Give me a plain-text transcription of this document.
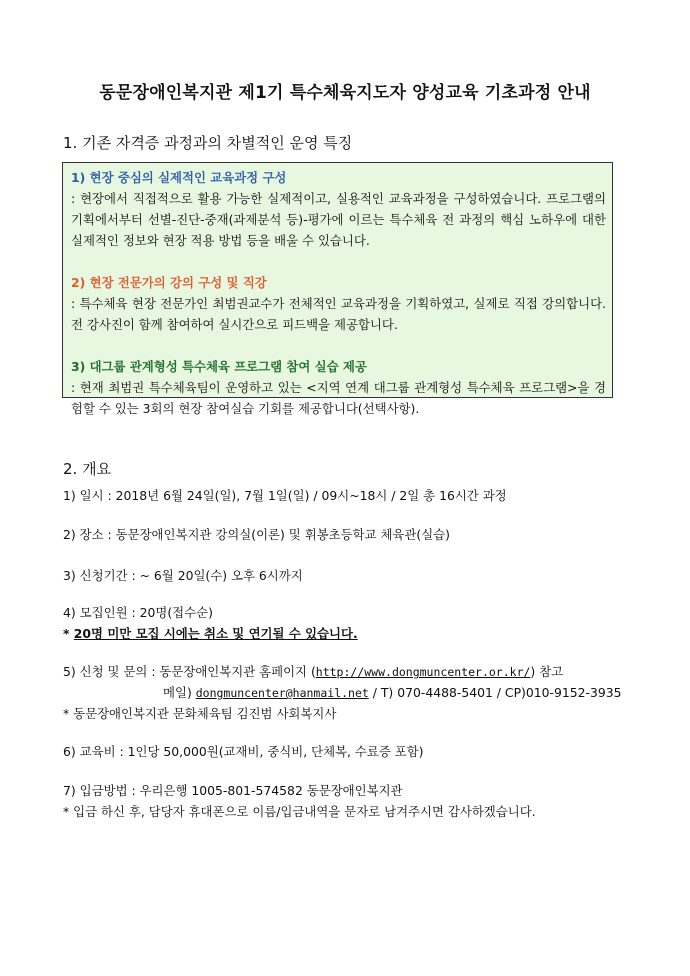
동문장애인복지관 제1기 특수체육지도자 양성교육 기초과정 안내
1. 기존 자격증 과정과의 차별적인 운영 특징
1) 현장 중심의 실제적인 교육과정 구성
: 현장에서 직접적으로 활용 가능한 실제적이고, 실용적인 교육과정을 구성하였습니다. 프로그램의 기획에서부터 선별-진단-중재(과제분석 등)-평가에 이르는 특수체육 전 과정의 핵심 노하우에 대한 실제적인 정보와 현장 적용 방법 등을 배울 수 있습니다.
2) 현장 전문가의 강의 구성 및 직강
: 특수체육 현장 전문가인 최범권교수가 전체적인 교육과정을 기획하였고, 실제로 직접 강의합니다. 전 강사진이 함께 참여하여 실시간으로 피드백을 제공합니다.
3) 대그룹 관계형성 특수체육 프로그램 참여 실습 제공
: 현재 최범권 특수체육팀이 운영하고 있는 <지역 연계 대그룹 관계형성 특수체육 프로그램>을 경험할 수 있는 3회의 현장 참여실습 기회를 제공합니다(선택사항).
2. 개요
1) 일시 : 2018년 6월 24일(일), 7월 1일(일) / 09시~18시 / 2일 총 16시간 과정
2) 장소 : 동문장애인복지관 강의실(이론) 및 휘봉초등학교 체육관(실습)
3) 신청기간 : ~ 6월 20일(수) 오후 6시까지
4) 모집인원 : 20명(접수순)
* 20명 미만 모집 시에는 취소 및 연기될 수 있습니다.
5) 신청 및 문의 : 동문장애인복지관 홈페이지 (http://www.dongmuncenter.or.kr/) 참고
메일) dongmuncenter@hanmail.net / T) 070-4488-5401 / CP)010-9152-3935
* 동문장애인복지관 문화체육팀 김진범 사회복지사
6) 교육비 : 1인당 50,000원(교재비, 중식비, 단체복, 수료증 포함)
7) 입금방법 : 우리은행 1005-801-574582 동문장애인복지관
* 입금 하신 후, 담당자 휴대폰으로 이름/입금내역을 문자로 남겨주시면 감사하겠습니다.
